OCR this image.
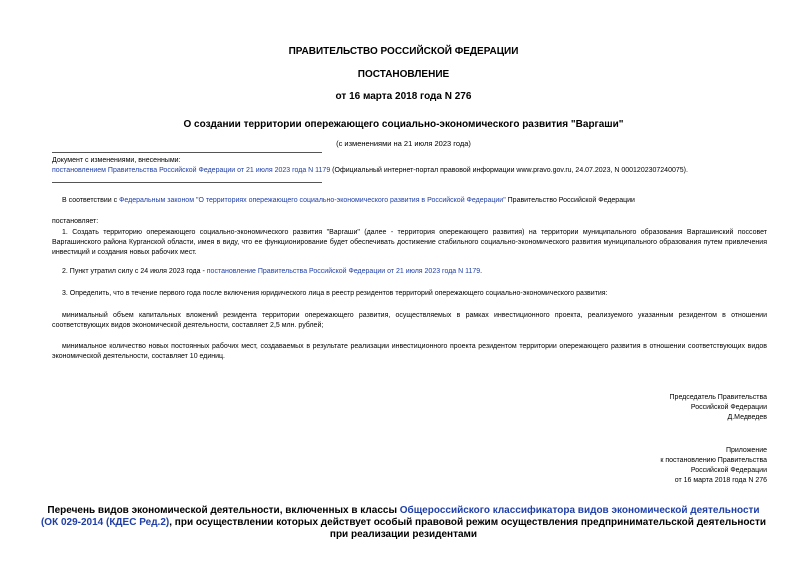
ПРАВИТЕЛЬСТВО РОССИЙСКОЙ ФЕДЕРАЦИИ
ПОСТАНОВЛЕНИЕ
от 16 марта 2018 года N 276
О создании территории опережающего социально-экономического развития "Варгаши"
(с изменениями на 21 июля 2023 года)
Документ с изменениями, внесенными:
постановлением Правительства Российской Федерации от 21 июля 2023 года N 1179 (Официальный интернет-портал правовой информации www.pravo.gov.ru, 24.07.2023, N 0001202307240075).
В соответствии с Федеральным законом "О территориях опережающего социально-экономического развития в Российской Федерации" Правительство Российской Федерации
постановляет:
1. Создать территорию опережающего социально-экономического развития "Варгаши" (далее - территория опережающего развития) на территории муниципального образования Варгашинский поссовет Варгашинского района Курганской области, имея в виду, что ее функционирование будет обеспечивать достижение стабильного социально-экономического развития муниципального образования путем привлечения инвестиций и создания новых рабочих мест.
2. Пункт утратил силу с 24 июля 2023 года - постановление Правительства Российской Федерации от 21 июля 2023 года N 1179.
3. Определить, что в течение первого года после включения юридического лица в реестр резидентов территорий опережающего социально-экономического развития:
минимальный объем капитальных вложений резидента территории опережающего развития, осуществляемых в рамках инвестиционного проекта, реализуемого указанным резидентом в отношении соответствующих видов экономической деятельности, составляет 2,5 млн. рублей;
минимальное количество новых постоянных рабочих мест, создаваемых в результате реализации инвестиционного проекта резидентом территории опережающего развития в отношении соответствующих видов экономической деятельности, составляет 10 единиц.
Председатель Правительства
Российской Федерации
Д.Медведев
Приложение
к постановлению Правительства
Российской Федерации
от 16 марта 2018 года N 276
Перечень видов экономической деятельности, включенных в классы Общероссийского классификатора видов экономической деятельности (ОК 029-2014 (КДЕС Ред.2), при осуществлении которых действует особый правовой режим осуществления предпринимательской деятельности при реализации резидентами
